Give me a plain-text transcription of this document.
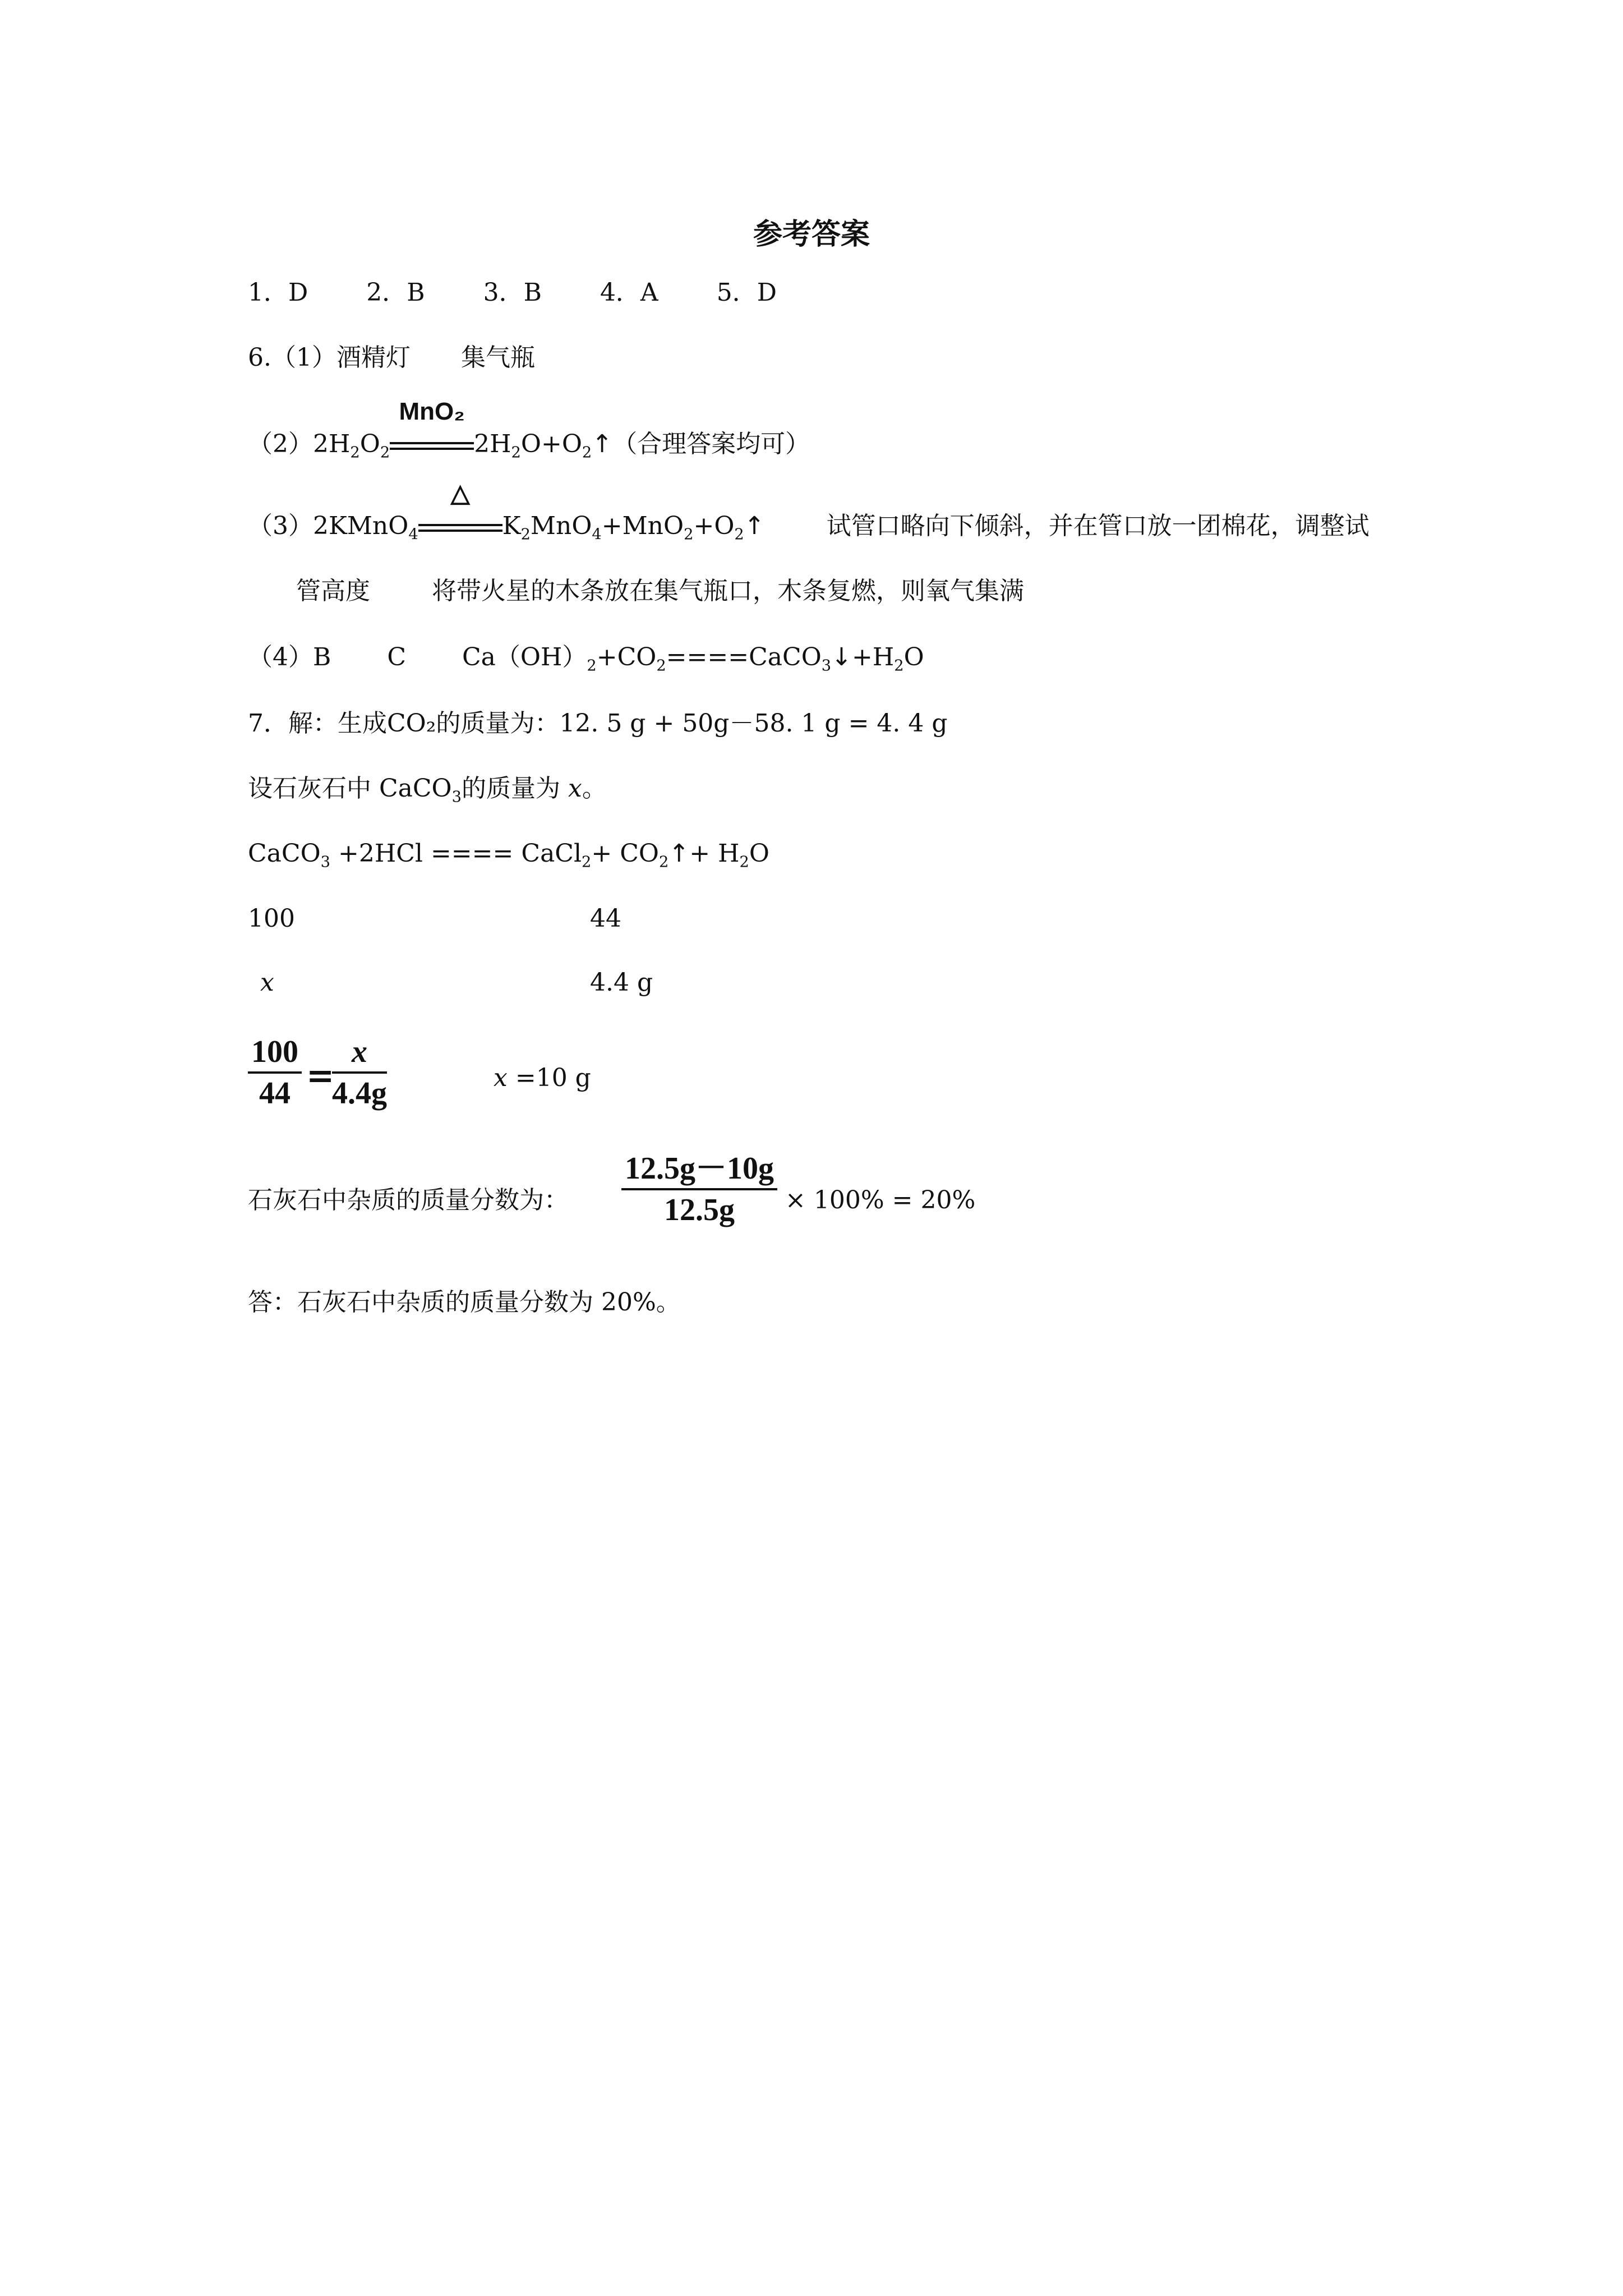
参考答案
1．D 2．B 3．B 4．A 5．D
6.（1）酒精灯 集气瓶
$(2)2H_2O_2$
MnO₂
$2H_2O+O_2↑$（合理答案均可）
（3）2KMnO$_4$
△
$K_2MnO_4+MnO_2+O_2↑$	试管口略向下倾斜，并在管口放一团棉花，调整试
管高度	将带火星的木条放在集气瓶口，木条复燃，则氧气集满
（4）B C $Ca(OH)_2+CO_2====CaCO_3↓+H_2O$
7．解：生成CO₂的质量为：12. 5 g + 50g－58. 1 g = 4. 4 g
设石灰石中 CaCO$_3$的质量为 x。
CaCO$_3$ +2HCl ==== CaCl$_2$+ $CO_2↑+ H_2O$
100	44
x	4.4 g
$\frac{100}{44}$ =
$\frac{x}{4.4g}$	x =10 g
石灰石中杂质的质量分数为： $\frac{12.5g-10g}{12.5g} \times 100\% = 20\%$
答：石灰石中杂质的质量分数为 20%。
